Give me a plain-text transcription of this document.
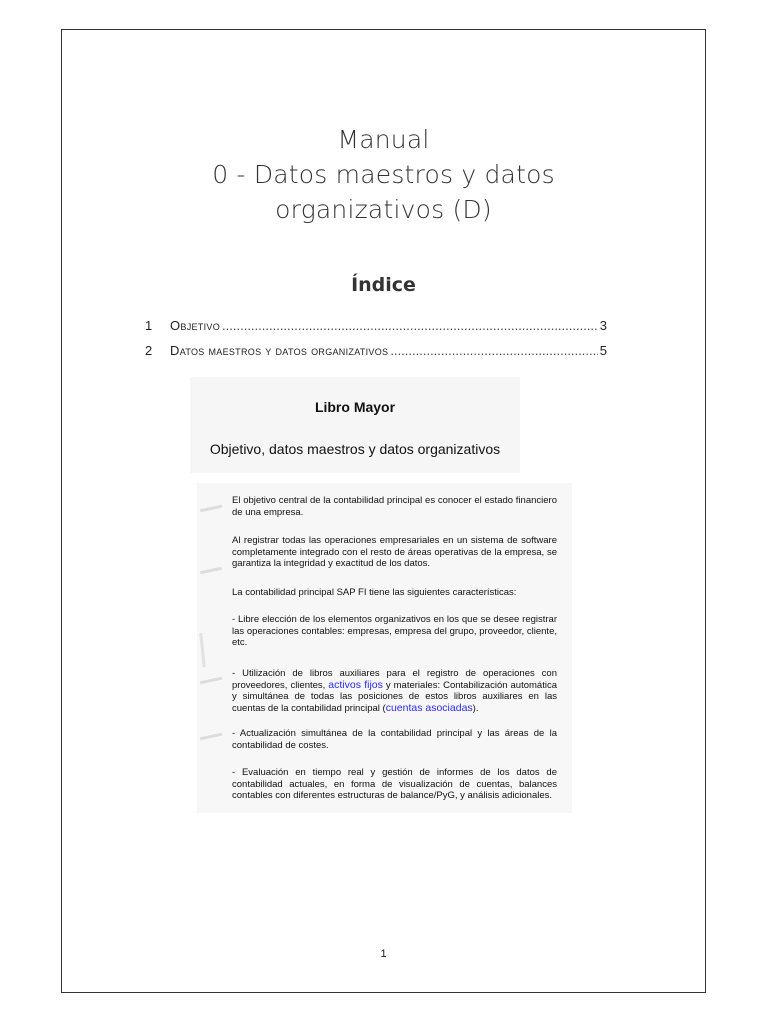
Manual
0 - Datos maestros y datos
organizativos (D)
Índice
1	Objetivo .....	3
2	Datos maestros y datos organizativos .....	5
Libro Mayor
Objetivo, datos maestros y datos organizativos

El objetivo central de la contabilidad principal es conocer el estado financiero de una empresa.

Al registrar todas las operaciones empresariales en un sistema de software completamente integrado con el resto de áreas operativas de la empresa, se garantiza la integridad y exactitud de los datos.

La contabilidad principal SAP FI tiene las siguientes características:

- Libre elección de los elementos organizativos en los que se desee registrar las operaciones contables: empresas, empresa del grupo, proveedor, cliente, etc.

- Utilización de libros auxiliares para el registro de operaciones con proveedores, clientes, activos fijos y materiales: Contabilización automática y simultánea de todas las posiciones de estos libros auxiliares en las cuentas de la contabilidad principal (cuentas asociadas).

- Actualización simultánea de la contabilidad principal y las áreas de la contabilidad de costes.

- Evaluación en tiempo real y gestión de informes de los datos de contabilidad actuales, en forma de visualización de cuentas, balances contables con diferentes estructuras de balance/PyG, y análisis adicionales.

1
